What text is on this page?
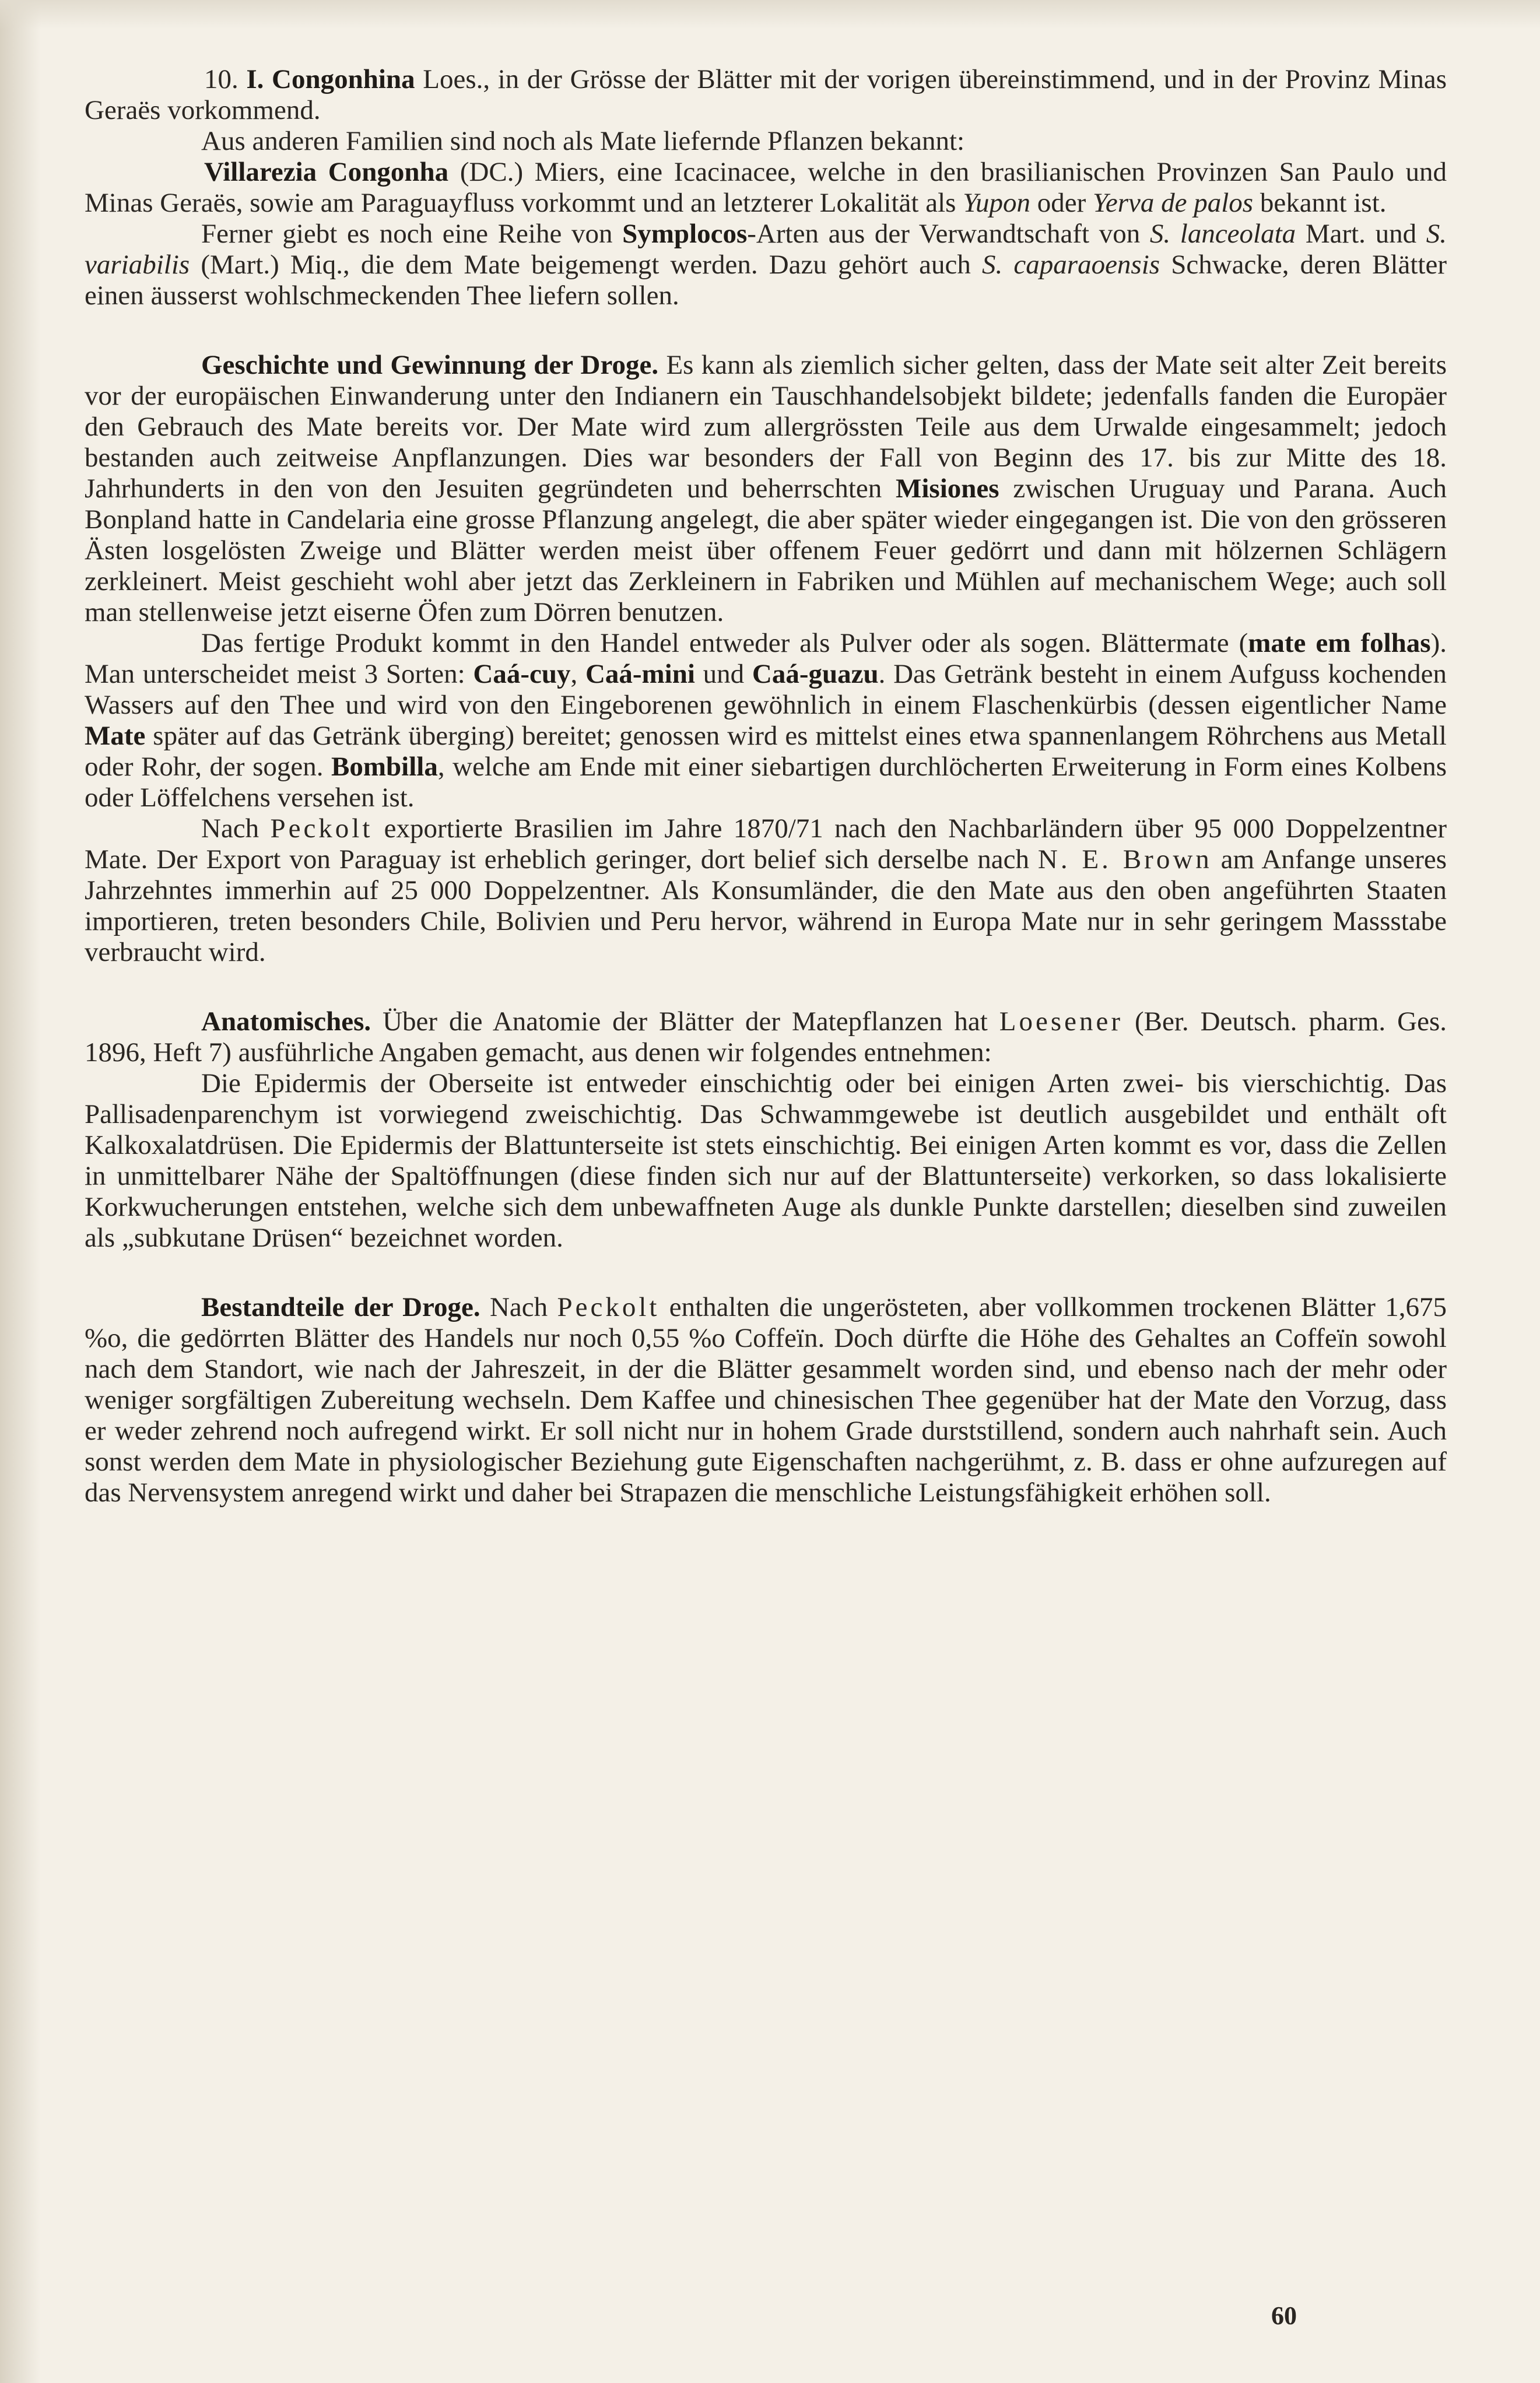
10. I. Congonhina Loes., in der Grösse der Blätter mit der vorigen übereinstimmend, und in der Provinz Minas Geraës vorkommend.

Aus anderen Familien sind noch als Mate liefernde Pflanzen bekannt:

Villarezia Congonha (DC.) Miers, eine Icacinacee, welche in den brasilianischen Provinzen San Paulo und Minas Geraës, sowie am Paraguayfluss vorkommt und an letzterer Lokalität als Yupon oder Yerva de palos bekannt ist.

Ferner giebt es noch eine Reihe von Symplocos-Arten aus der Verwandtschaft von S. lanceolata Mart. und S. variabilis (Mart.) Miq., die dem Mate beigemengt werden. Dazu gehört auch S. caparaoensis Schwacke, deren Blätter einen äusserst wohlschmeckenden Thee liefern sollen.

Geschichte und Gewinnung der Droge. Es kann als ziemlich sicher gelten, dass der Mate seit alter Zeit bereits vor der europäischen Einwanderung unter den Indianern ein Tauschhandelsobjekt bildete; jedenfalls fanden die Europäer den Gebrauch des Mate bereits vor. Der Mate wird zum allergrössten Teile aus dem Urwalde eingesammelt; jedoch bestanden auch zeitweise Anpflanzungen. Dies war besonders der Fall von Beginn des 17. bis zur Mitte des 18. Jahrhunderts in den von den Jesuiten gegründeten und beherrschten Misiones zwischen Uruguay und Parana. Auch Bonpland hatte in Candelaria eine grosse Pflanzung angelegt, die aber später wieder eingegangen ist. Die von den grösseren Ästen losgelösten Zweige und Blätter werden meist über offenem Feuer gedörrt und dann mit hölzernen Schlägern zerkleinert. Meist geschieht wohl aber jetzt das Zerkleinern in Fabriken und Mühlen auf mechanischem Wege; auch soll man stellenweise jetzt eiserne Öfen zum Dörren benutzen.

Das fertige Produkt kommt in den Handel entweder als Pulver oder als sogen. Blättermate (mate em folhas). Man unterscheidet meist 3 Sorten: Caá-cuy, Caá-mini und Caá-guazu. Das Getränk besteht in einem Aufguss kochenden Wassers auf den Thee und wird von den Eingeborenen gewöhnlich in einem Flaschenkürbis (dessen eigentlicher Name Mate später auf das Getränk überging) bereitet; genossen wird es mittelst eines etwa spannenlangem Röhrchens aus Metall oder Rohr, der sogen. Bombilla, welche am Ende mit einer siebartigen durchlöcherten Erweiterung in Form eines Kolbens oder Löffelchens versehen ist.

Nach Peckolt exportierte Brasilien im Jahre 1870/71 nach den Nachbarländern über 95 000 Doppelzentner Mate. Der Export von Paraguay ist erheblich geringer, dort belief sich derselbe nach N. E. Brown am Anfange unseres Jahrzehntes immerhin auf 25 000 Doppelzentner. Als Konsumländer, die den Mate aus den oben angeführten Staaten importieren, treten besonders Chile, Bolivien und Peru hervor, während in Europa Mate nur in sehr geringem Massstabe verbraucht wird.

Anatomisches. Über die Anatomie der Blätter der Matepflanzen hat Loesener (Ber. Deutsch. pharm. Ges. 1896, Heft 7) ausführliche Angaben gemacht, aus denen wir folgendes entnehmen:

Die Epidermis der Oberseite ist entweder einschichtig oder bei einigen Arten zwei- bis vierschichtig. Das Pallisadenparenchym ist vorwiegend zweischichtig. Das Schwammgewebe ist deutlich ausgebildet und enthält oft Kalkoxalatdrüsen. Die Epidermis der Blattunterseite ist stets einschichtig. Bei einigen Arten kommt es vor, dass die Zellen in unmittelbarer Nähe der Spaltöffnungen (diese finden sich nur auf der Blattunterseite) verkorken, so dass lokalisierte Korkwucherungen entstehen, welche sich dem unbewaffneten Auge als dunkle Punkte darstellen; dieselben sind zuweilen als „subkutane Drüsen“ bezeichnet worden.

Bestandteile der Droge. Nach Peckolt enthalten die ungerösteten, aber vollkommen trockenen Blätter 1,675 %o, die gedörrten Blätter des Handels nur noch 0,55 %o Coffeïn. Doch dürfte die Höhe des Gehaltes an Coffeïn sowohl nach dem Standort, wie nach der Jahreszeit, in der die Blätter gesammelt worden sind, und ebenso nach der mehr oder weniger sorgfältigen Zubereitung wechseln. Dem Kaffee und chinesischen Thee gegenüber hat der Mate den Vorzug, dass er weder zehrend noch aufregend wirkt. Er soll nicht nur in hohem Grade durststillend, sondern auch nahrhaft sein. Auch sonst werden dem Mate in physiologischer Beziehung gute Eigenschaften nachgerühmt, z. B. dass er ohne aufzuregen auf das Nervensystem anregend wirkt und daher bei Strapazen die menschliche Leistungsfähigkeit erhöhen soll.

60
